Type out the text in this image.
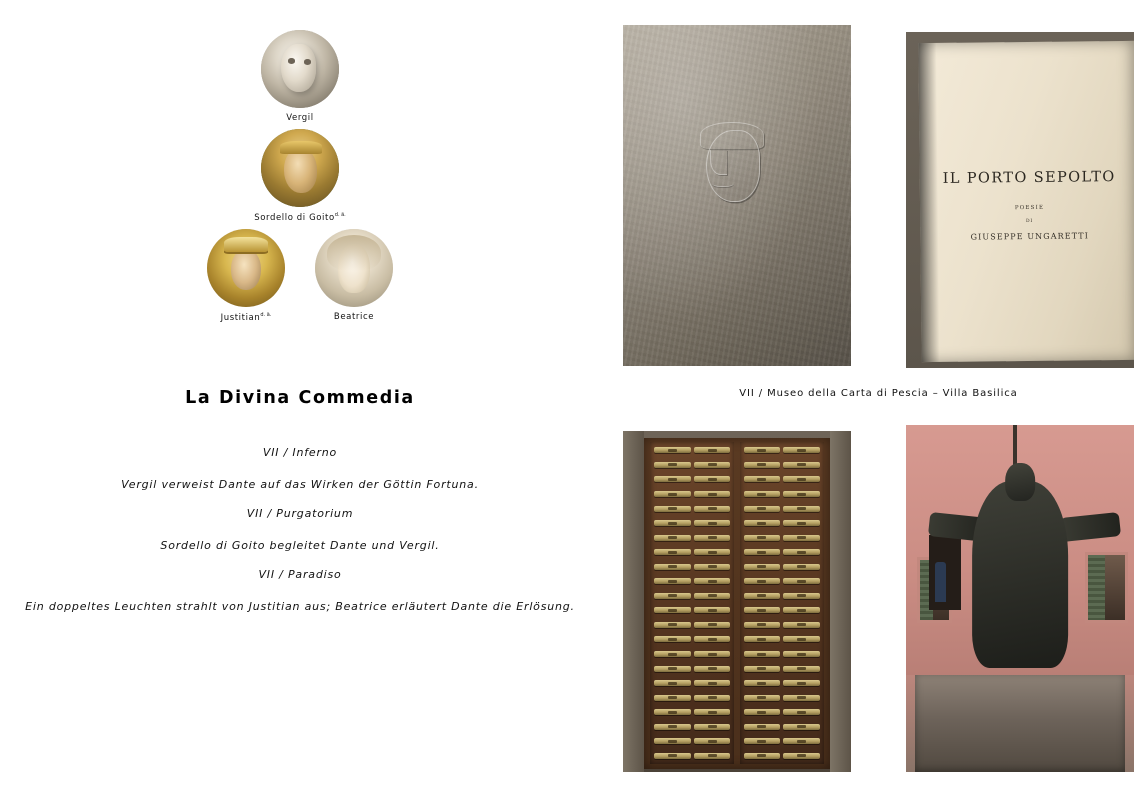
Vergil
Sordello di Goito$^{d. ä.}$
Justitian$^{d. ä.}$	Beatrice
La Divina Commedia
VII / Inferno
Vergil verweist Dante auf das Wirken der Göttin Fortuna.
VII / Purgatorium
Sordello di Goito begleitet Dante und Vergil.
VII / Paradiso
Ein doppeltes Leuchten strahlt von Justitian aus; Beatrice erläutert Dante die Erlösung.
IL PORTO SEPOLTO
POESIE
DI
GIUSEPPE UNGARETTI
VII / Museo della Carta di Pescia – Villa Basilica
